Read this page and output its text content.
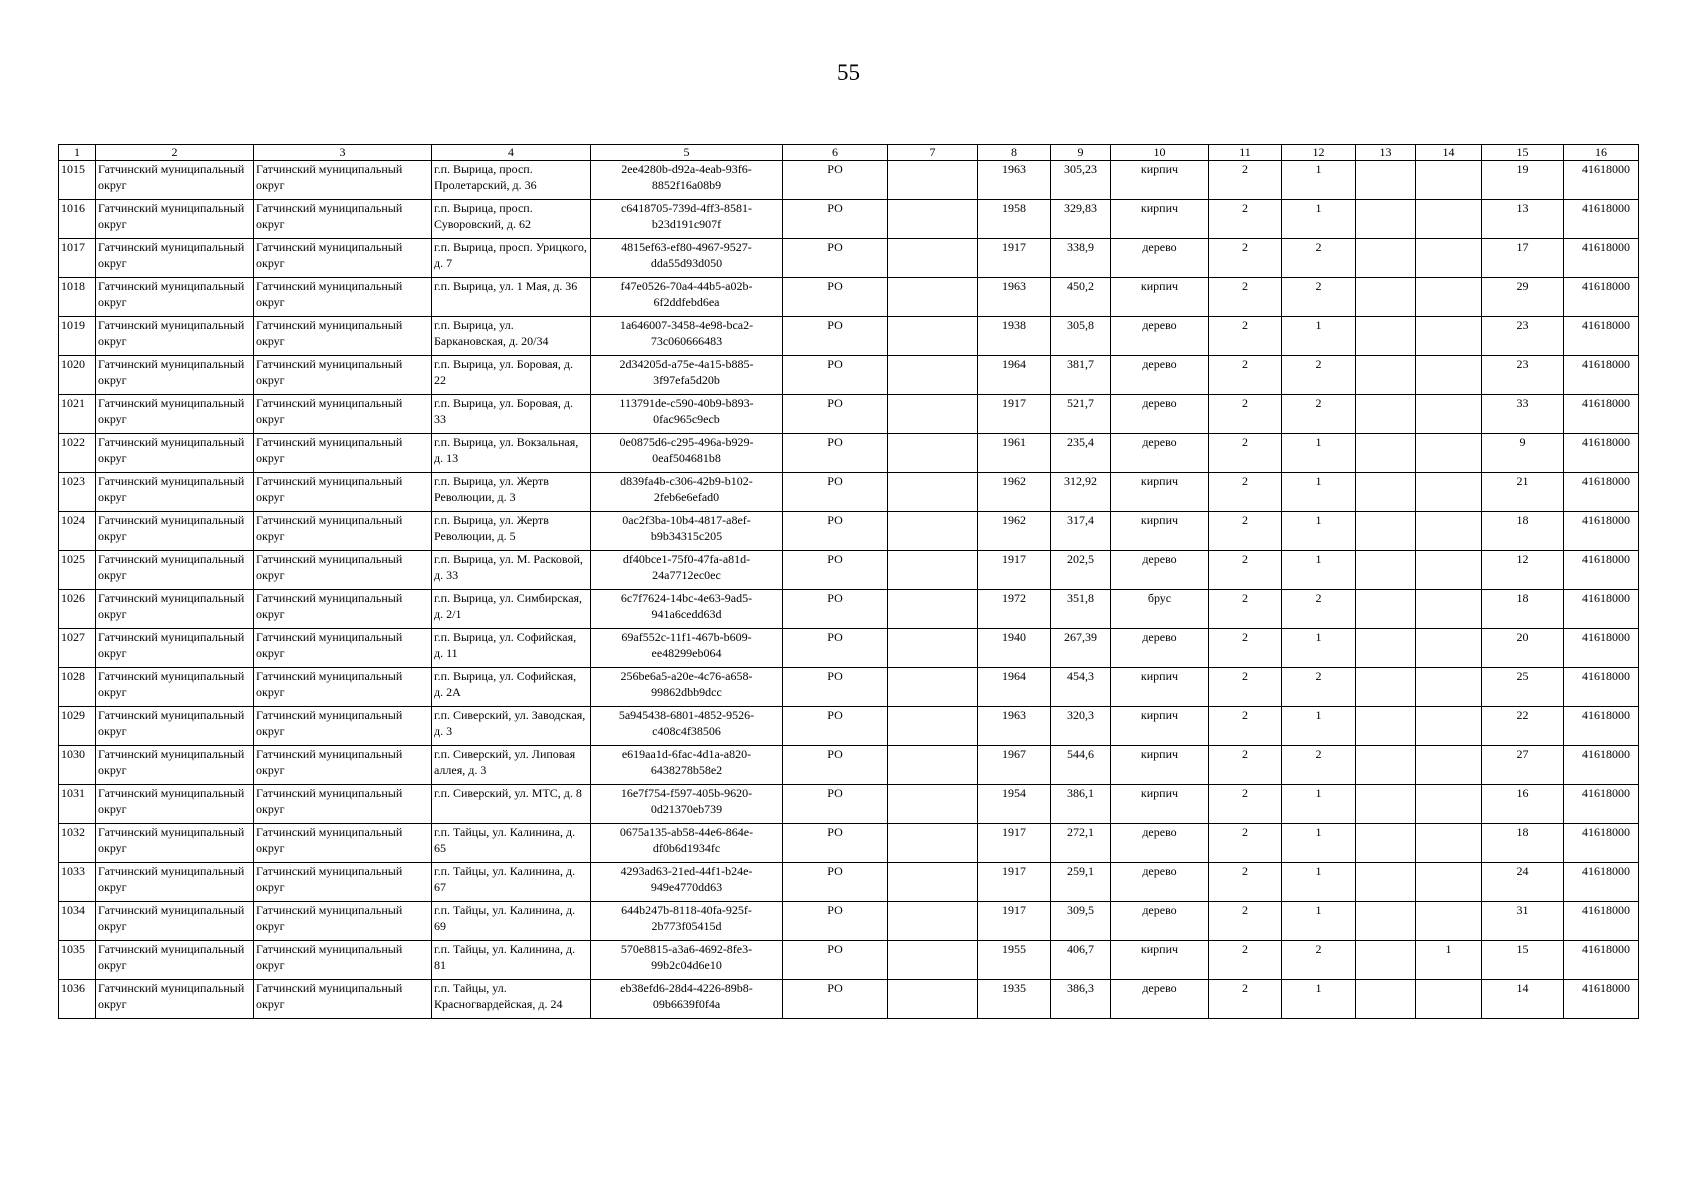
55
1	2	3	4	5	6	7	8	9	10	11	12	13	14	15	16
1015	Гатчинский муниципальный округ	Гатчинский муниципальный округ	г.п. Вырица, просп. Пролетарский, д. 36	2ee4280b-d92a-4eab-93f6-8852f16a08b9	РО		1963	305,23	кирпич	2	1			19	41618000
1016	Гатчинский муниципальный округ	Гатчинский муниципальный округ	г.п. Вырица, просп. Суворовский, д. 62	c6418705-739d-4ff3-8581-b23d191c907f	РО		1958	329,83	кирпич	2	1			13	41618000
1017	Гатчинский муниципальный округ	Гатчинский муниципальный округ	г.п. Вырица, просп. Урицкого, д. 7	4815ef63-ef80-4967-9527-dda55d93d050	РО		1917	338,9	дерево	2	2			17	41618000
1018	Гатчинский муниципальный округ	Гатчинский муниципальный округ	г.п. Вырица, ул. 1 Мая, д. 36	f47e0526-70a4-44b5-a02b-6f2ddfebd6ea	РО		1963	450,2	кирпич	2	2			29	41618000
1019	Гатчинский муниципальный округ	Гатчинский муниципальный округ	г.п. Вырица, ул. Баркановская, д. 20/34	1a646007-3458-4e98-bca2-73c060666483	РО		1938	305,8	дерево	2	1			23	41618000
1020	Гатчинский муниципальный округ	Гатчинский муниципальный округ	г.п. Вырица, ул. Боровая, д. 22	2d34205d-a75e-4a15-b885-3f97efa5d20b	РО		1964	381,7	дерево	2	2			23	41618000
1021	Гатчинский муниципальный округ	Гатчинский муниципальный округ	г.п. Вырица, ул. Боровая, д. 33	113791de-c590-40b9-b893-0fac965c9ecb	РО		1917	521,7	дерево	2	2			33	41618000
1022	Гатчинский муниципальный округ	Гатчинский муниципальный округ	г.п. Вырица, ул. Вокзальная, д. 13	0e0875d6-c295-496a-b929-0eaf504681b8	РО		1961	235,4	дерево	2	1			9	41618000
1023	Гатчинский муниципальный округ	Гатчинский муниципальный округ	г.п. Вырица, ул. Жертв Революции, д. 3	d839fa4b-c306-42b9-b102-2feb6e6efad0	РО		1962	312,92	кирпич	2	1			21	41618000
1024	Гатчинский муниципальный округ	Гатчинский муниципальный округ	г.п. Вырица, ул. Жертв Революции, д. 5	0ac2f3ba-10b4-4817-a8ef-b9b34315c205	РО		1962	317,4	кирпич	2	1			18	41618000
1025	Гатчинский муниципальный округ	Гатчинский муниципальный округ	г.п. Вырица, ул. М. Расковой, д. 33	df40bce1-75f0-47fa-a81d-24a7712ec0ec	РО		1917	202,5	дерево	2	1			12	41618000
1026	Гатчинский муниципальный округ	Гатчинский муниципальный округ	г.п. Вырица, ул. Симбирская, д. 2/1	6c7f7624-14bc-4e63-9ad5-941a6cedd63d	РО		1972	351,8	брус	2	2			18	41618000
1027	Гатчинский муниципальный округ	Гатчинский муниципальный округ	г.п. Вырица, ул. Софийская, д. 11	69af552c-11f1-467b-b609-ee48299eb064	РО		1940	267,39	дерево	2	1			20	41618000
1028	Гатчинский муниципальный округ	Гатчинский муниципальный округ	г.п. Вырица, ул. Софийская, д. 2А	256be6a5-a20e-4c76-a658-99862dbb9dcc	РО		1964	454,3	кирпич	2	2			25	41618000
1029	Гатчинский муниципальный округ	Гатчинский муниципальный округ	г.п. Сиверский, ул. Заводская, д. 3	5a945438-6801-4852-9526-c408c4f38506	РО		1963	320,3	кирпич	2	1			22	41618000
1030	Гатчинский муниципальный округ	Гатчинский муниципальный округ	г.п. Сиверский, ул. Липовая аллея, д. 3	e619aa1d-6fac-4d1a-a820-6438278b58e2	РО		1967	544,6	кирпич	2	2			27	41618000
1031	Гатчинский муниципальный округ	Гатчинский муниципальный округ	г.п. Сиверский, ул. МТС, д. 8	16e7f754-f597-405b-9620-0d21370eb739	РО		1954	386,1	кирпич	2	1			16	41618000
1032	Гатчинский муниципальный округ	Гатчинский муниципальный округ	г.п. Тайцы, ул. Калинина, д. 65	0675a135-ab58-44e6-864e-df0b6d1934fc	РО		1917	272,1	дерево	2	1			18	41618000
1033	Гатчинский муниципальный округ	Гатчинский муниципальный округ	г.п. Тайцы, ул. Калинина, д. 67	4293ad63-21ed-44f1-b24e-949e4770dd63	РО		1917	259,1	дерево	2	1			24	41618000
1034	Гатчинский муниципальный округ	Гатчинский муниципальный округ	г.п. Тайцы, ул. Калинина, д. 69	644b247b-8118-40fa-925f-2b773f05415d	РО		1917	309,5	дерево	2	1			31	41618000
1035	Гатчинский муниципальный округ	Гатчинский муниципальный округ	г.п. Тайцы, ул. Калинина, д. 81	570e8815-a3a6-4692-8fe3-99b2c04d6e10	РО		1955	406,7	кирпич	2	2		1	15	41618000
1036	Гатчинский муниципальный округ	Гатчинский муниципальный округ	г.п. Тайцы, ул. Красногвардейская, д. 24	eb38efd6-28d4-4226-89b8-09b6639f0f4a	РО		1935	386,3	дерево	2	1			14	41618000
